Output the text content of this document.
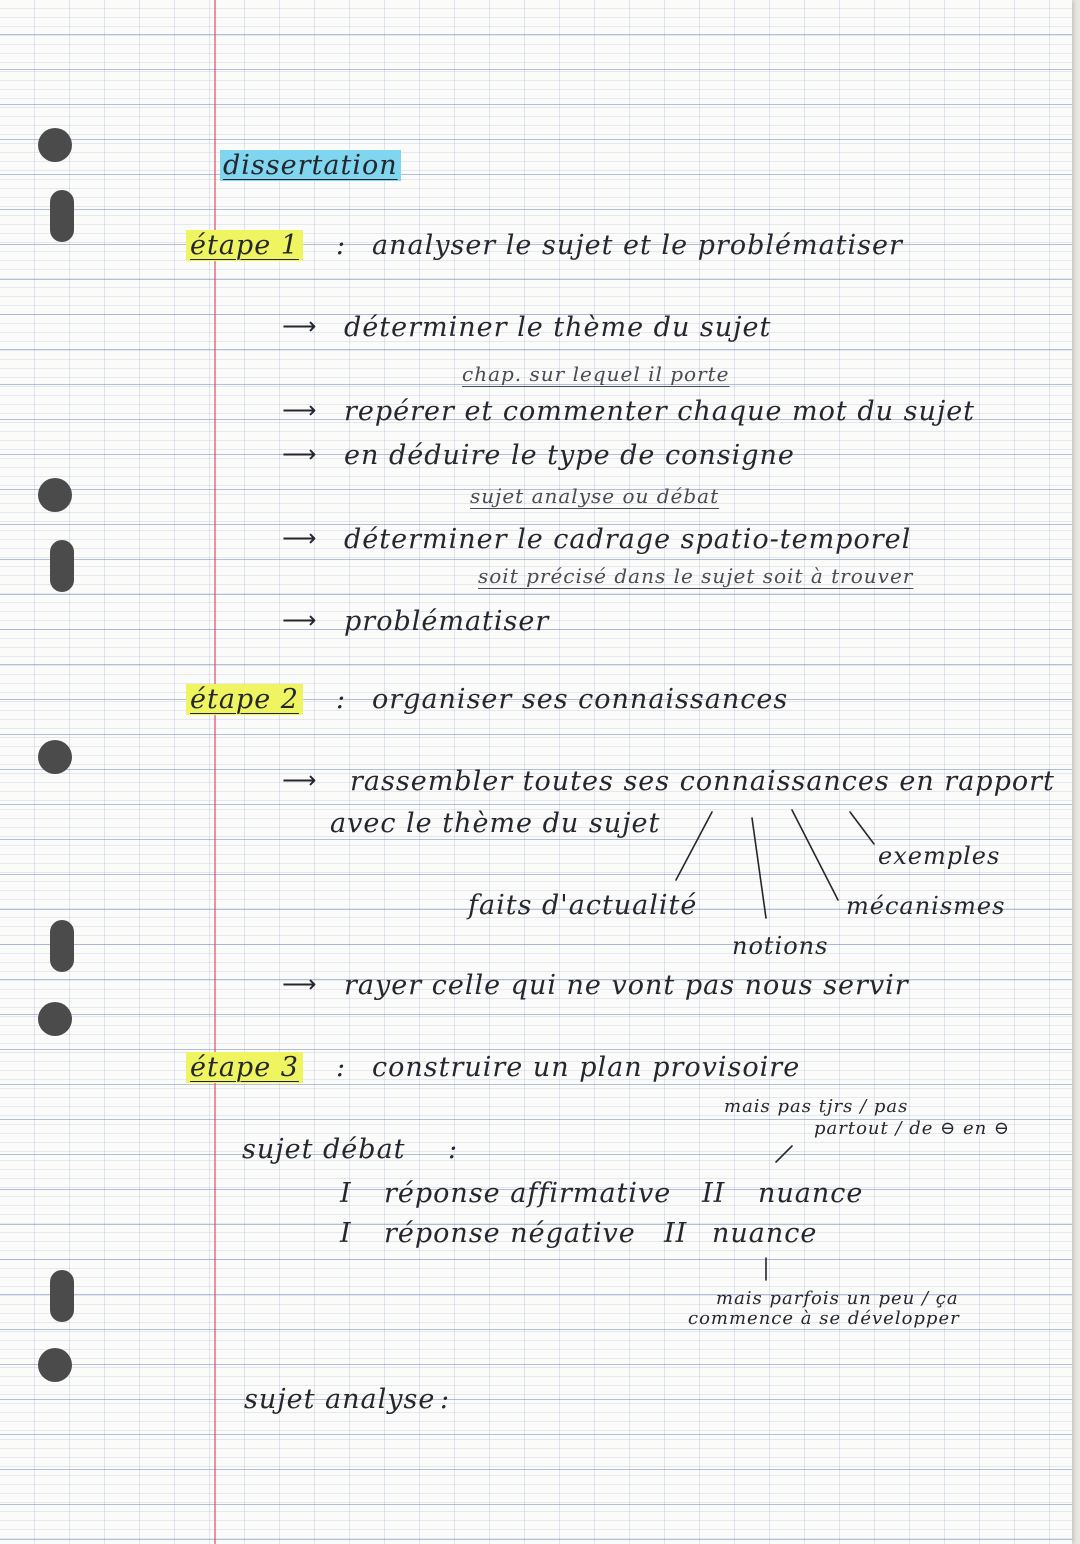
dissertation
étape 1 : analyser le sujet et le problématiser
⟶ déterminer le thème du sujet
chap. sur lequel il porte
⟶ repérer et commenter chaque mot du sujet
⟶ en déduire le type de consigne
sujet analyse ou débat
⟶ déterminer le cadrage spatio-temporel
soit précisé dans le sujet soit à trouver
⟶ problématiser
étape 2 : organiser ses connaissances
⟶ rassembler toutes ses connaissances en rapport
avec le thème du sujet
exemples
mécanismes
faits d'actualité
notions
⟶ rayer celle qui ne vont pas nous servir
étape 3 : construire un plan provisoire
mais pas tjrs / pas
partout / de ⊖ en ⊖
sujet débat :
I réponse affirmative II nuance
I réponse négative II nuance
mais parfois un peu / ça
commence à se développer
sujet analyse :
